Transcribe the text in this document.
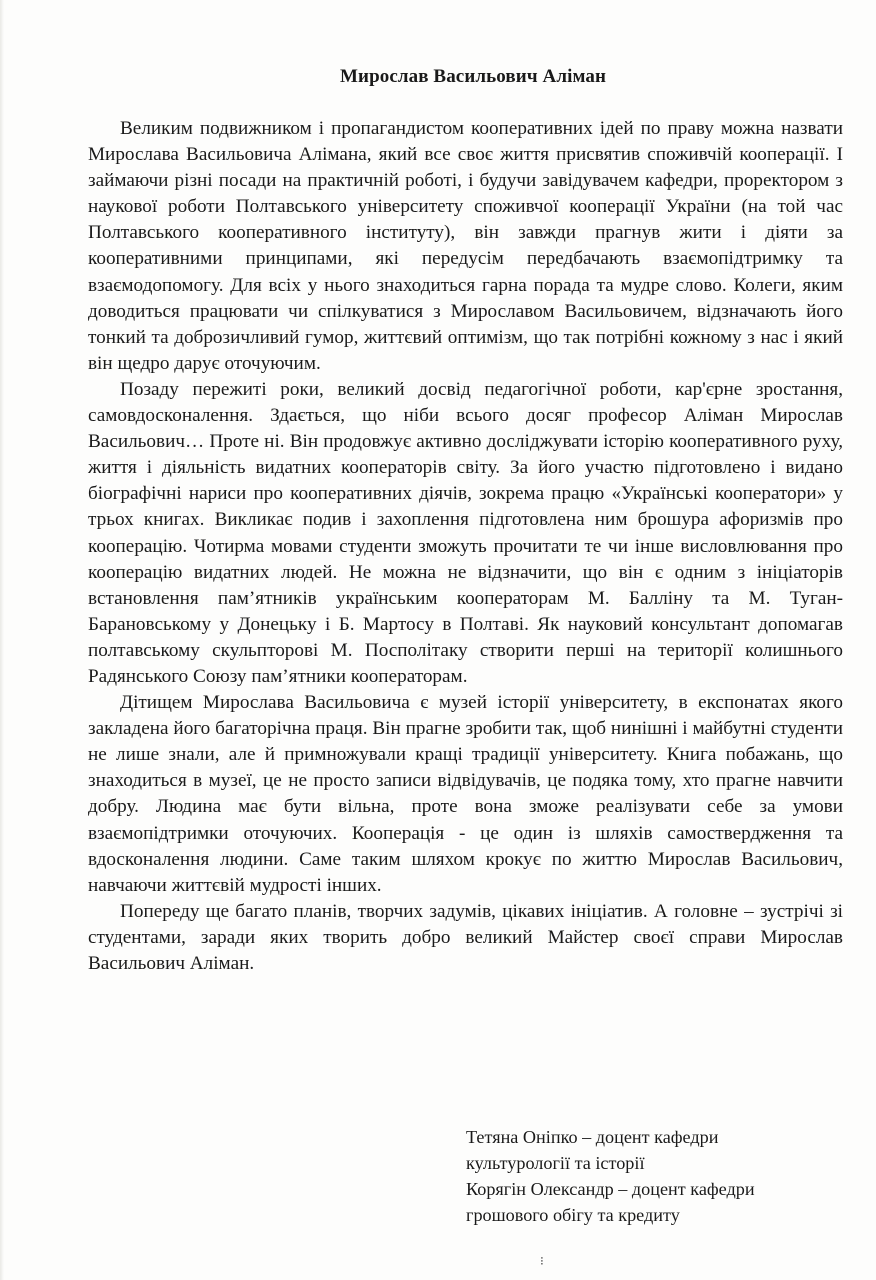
Мирослав Васильович Аліман

Великим подвижником і пропагандистом кооперативних ідей по праву можна назвати Мирослава Васильовича Алімана, який все своє життя присвятив споживчій кооперації. І займаючи різні посади на практичній роботі, і будучи завідувачем кафедри, проректором з наукової роботи Полтавського університету споживчої кооперації України (на той час Полтавського кооперативного інституту), він завжди прагнув жити і діяти за кооперативними принципами, які передусім передбачають взаємопідтримку та взаємодопомогу. Для всіх у нього знаходиться гарна порада та мудре слово. Колеги, яким доводиться працювати чи спілкуватися з Мирославом Васильовичем, відзначають його тонкий та доброзичливий гумор, життєвий оптимізм, що так потрібні кожному з нас і який він щедро дарує оточуючим.

Позаду пережиті роки, великий досвід педагогічної роботи, кар'єрне зростання, самовдосконалення. Здається, що ніби всього досяг професор Аліман Мирослав Васильович… Проте ні. Він продовжує активно досліджувати історію кооперативного руху, життя і діяльність видатних кооператорів світу. За його участю підготовлено і видано біографічні нариси про кооперативних діячів, зокрема працю «Українські кооператори» у трьох книгах. Викликає подив і захоплення підготовлена ним брошура афоризмів про кооперацію. Чотирма мовами студенти зможуть прочитати те чи інше висловлювання про кооперацію видатних людей. Не можна не відзначити, що він є одним з ініціаторів встановлення пам’ятників українським кооператорам М. Балліну та М. Туган-Барановському у Донецьку і Б. Мартосу в Полтаві. Як науковий консультант допомагав полтавському скульпторові М. Посполітаку створити перші на території колишнього Радянського Союзу пам’ятники кооператорам.

Дітищем Мирослава Васильовича є музей історії університету, в експонатах якого закладена його багаторічна праця. Він прагне зробити так, щоб нинішні і майбутні студенти не лише знали, але й примножували кращі традиції університету. Книга побажань, що знаходиться в музеї, це не просто записи відвідувачів, це подяка тому, хто прагне навчити добру. Людина має бути вільна, проте вона зможе реалізувати себе за умови взаємопідтримки оточуючих. Кооперація - це один із шляхів самоствердження та вдосконалення людини. Саме таким шляхом крокує по життю Мирослав Васильович, навчаючи життєвій мудрості інших.

Попереду ще багато планів, творчих задумів, цікавих ініціатив. А головне – зустрічі зі студентами, заради яких творить добро великий Майстер своєї справи Мирослав Васильович Аліман.

Тетяна Оніпко – доцент кафедри
культурології та історії
Корягін Олександр – доцент кафедри
грошового обігу та кредиту
⁝
